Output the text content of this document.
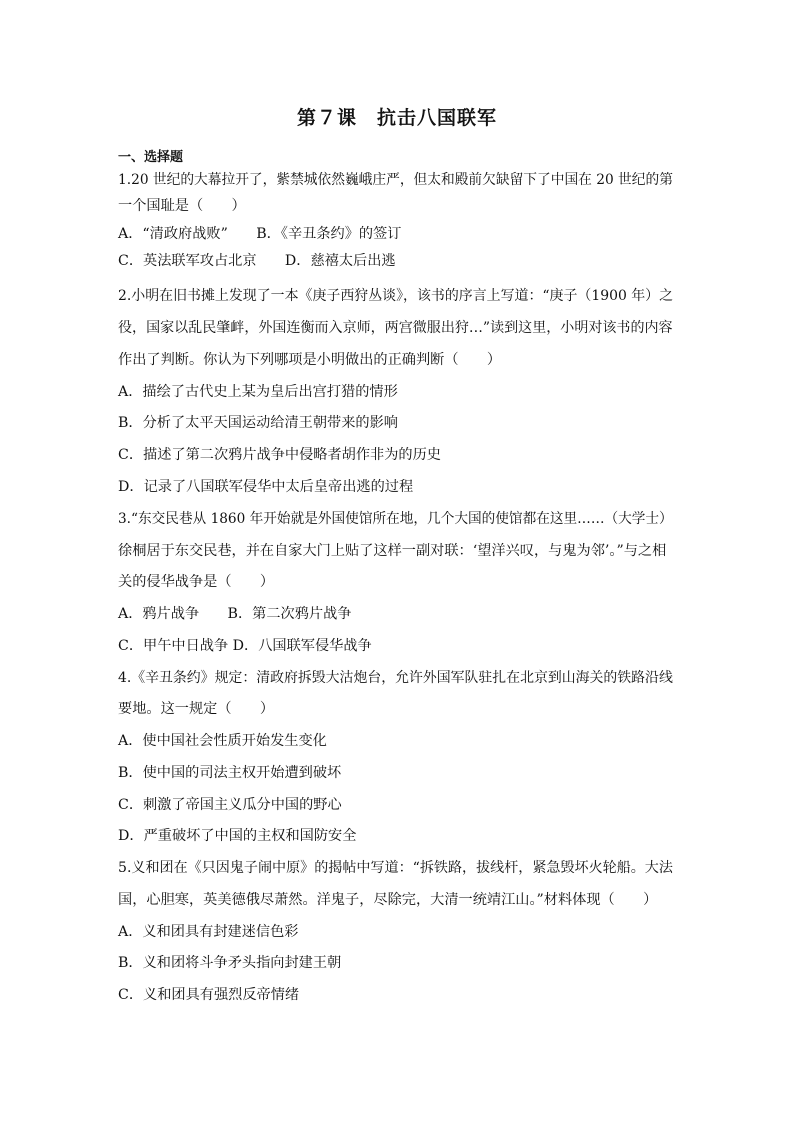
第７课　抗击八国联军
一、选择题
1.20 世纪的大幕拉开了，紫禁城依然巍峨庄严，但太和殿前欠缺留下了中国在 20 世纪的第
一个国耻是（　　）
A．“清政府战败”　　B．《辛丑条约》的签订
C．英法联军攻占北京　　D．慈禧太后出逃
2.小明在旧书摊上发现了一本《庚子西狩丛谈》，该书的序言上写道：“庚子（1900 年）之
役，国家以乱民肇衅，外国连衡而入京师，两宫微服出狩…”读到这里，小明对该书的内容
作出了判断。你认为下列哪项是小明做出的正确判断（　　）
A．描绘了古代史上某为皇后出宫打猎的情形
B．分析了太平天国运动给清王朝带来的影响
C．描述了第二次鸦片战争中侵略者胡作非为的历史
D．记录了八国联军侵华中太后皇帝出逃的过程
3.“东交民巷从 1860 年开始就是外国使馆所在地，几个大国的使馆都在这里……（大学士）
徐桐居于东交民巷，并在自家大门上贴了这样一副对联：‘望洋兴叹，与鬼为邻’。”与之相
关的侵华战争是（　　）
A．鸦片战争　　B．第二次鸦片战争
C．甲午中日战争 D．八国联军侵华战争
4.《辛丑条约》规定：清政府拆毁大沽炮台，允许外国军队驻扎在北京到山海关的铁路沿线
要地。这一规定（　　）
A．使中国社会性质开始发生变化
B．使中国的司法主权开始遭到破坏
C．刺激了帝国主义瓜分中国的野心
D．严重破坏了中国的主权和国防安全
5.义和团在《只因鬼子闹中原》的揭帖中写道：“拆铁路，拔线杆，紧急毁坏火轮船。大法
国，心胆寒，英美德俄尽萧然。洋鬼子，尽除完，大清一统靖江山。”材料体现（　　）
A．义和团具有封建迷信色彩
B．义和团将斗争矛头指向封建王朝
C．义和团具有强烈反帝情绪
